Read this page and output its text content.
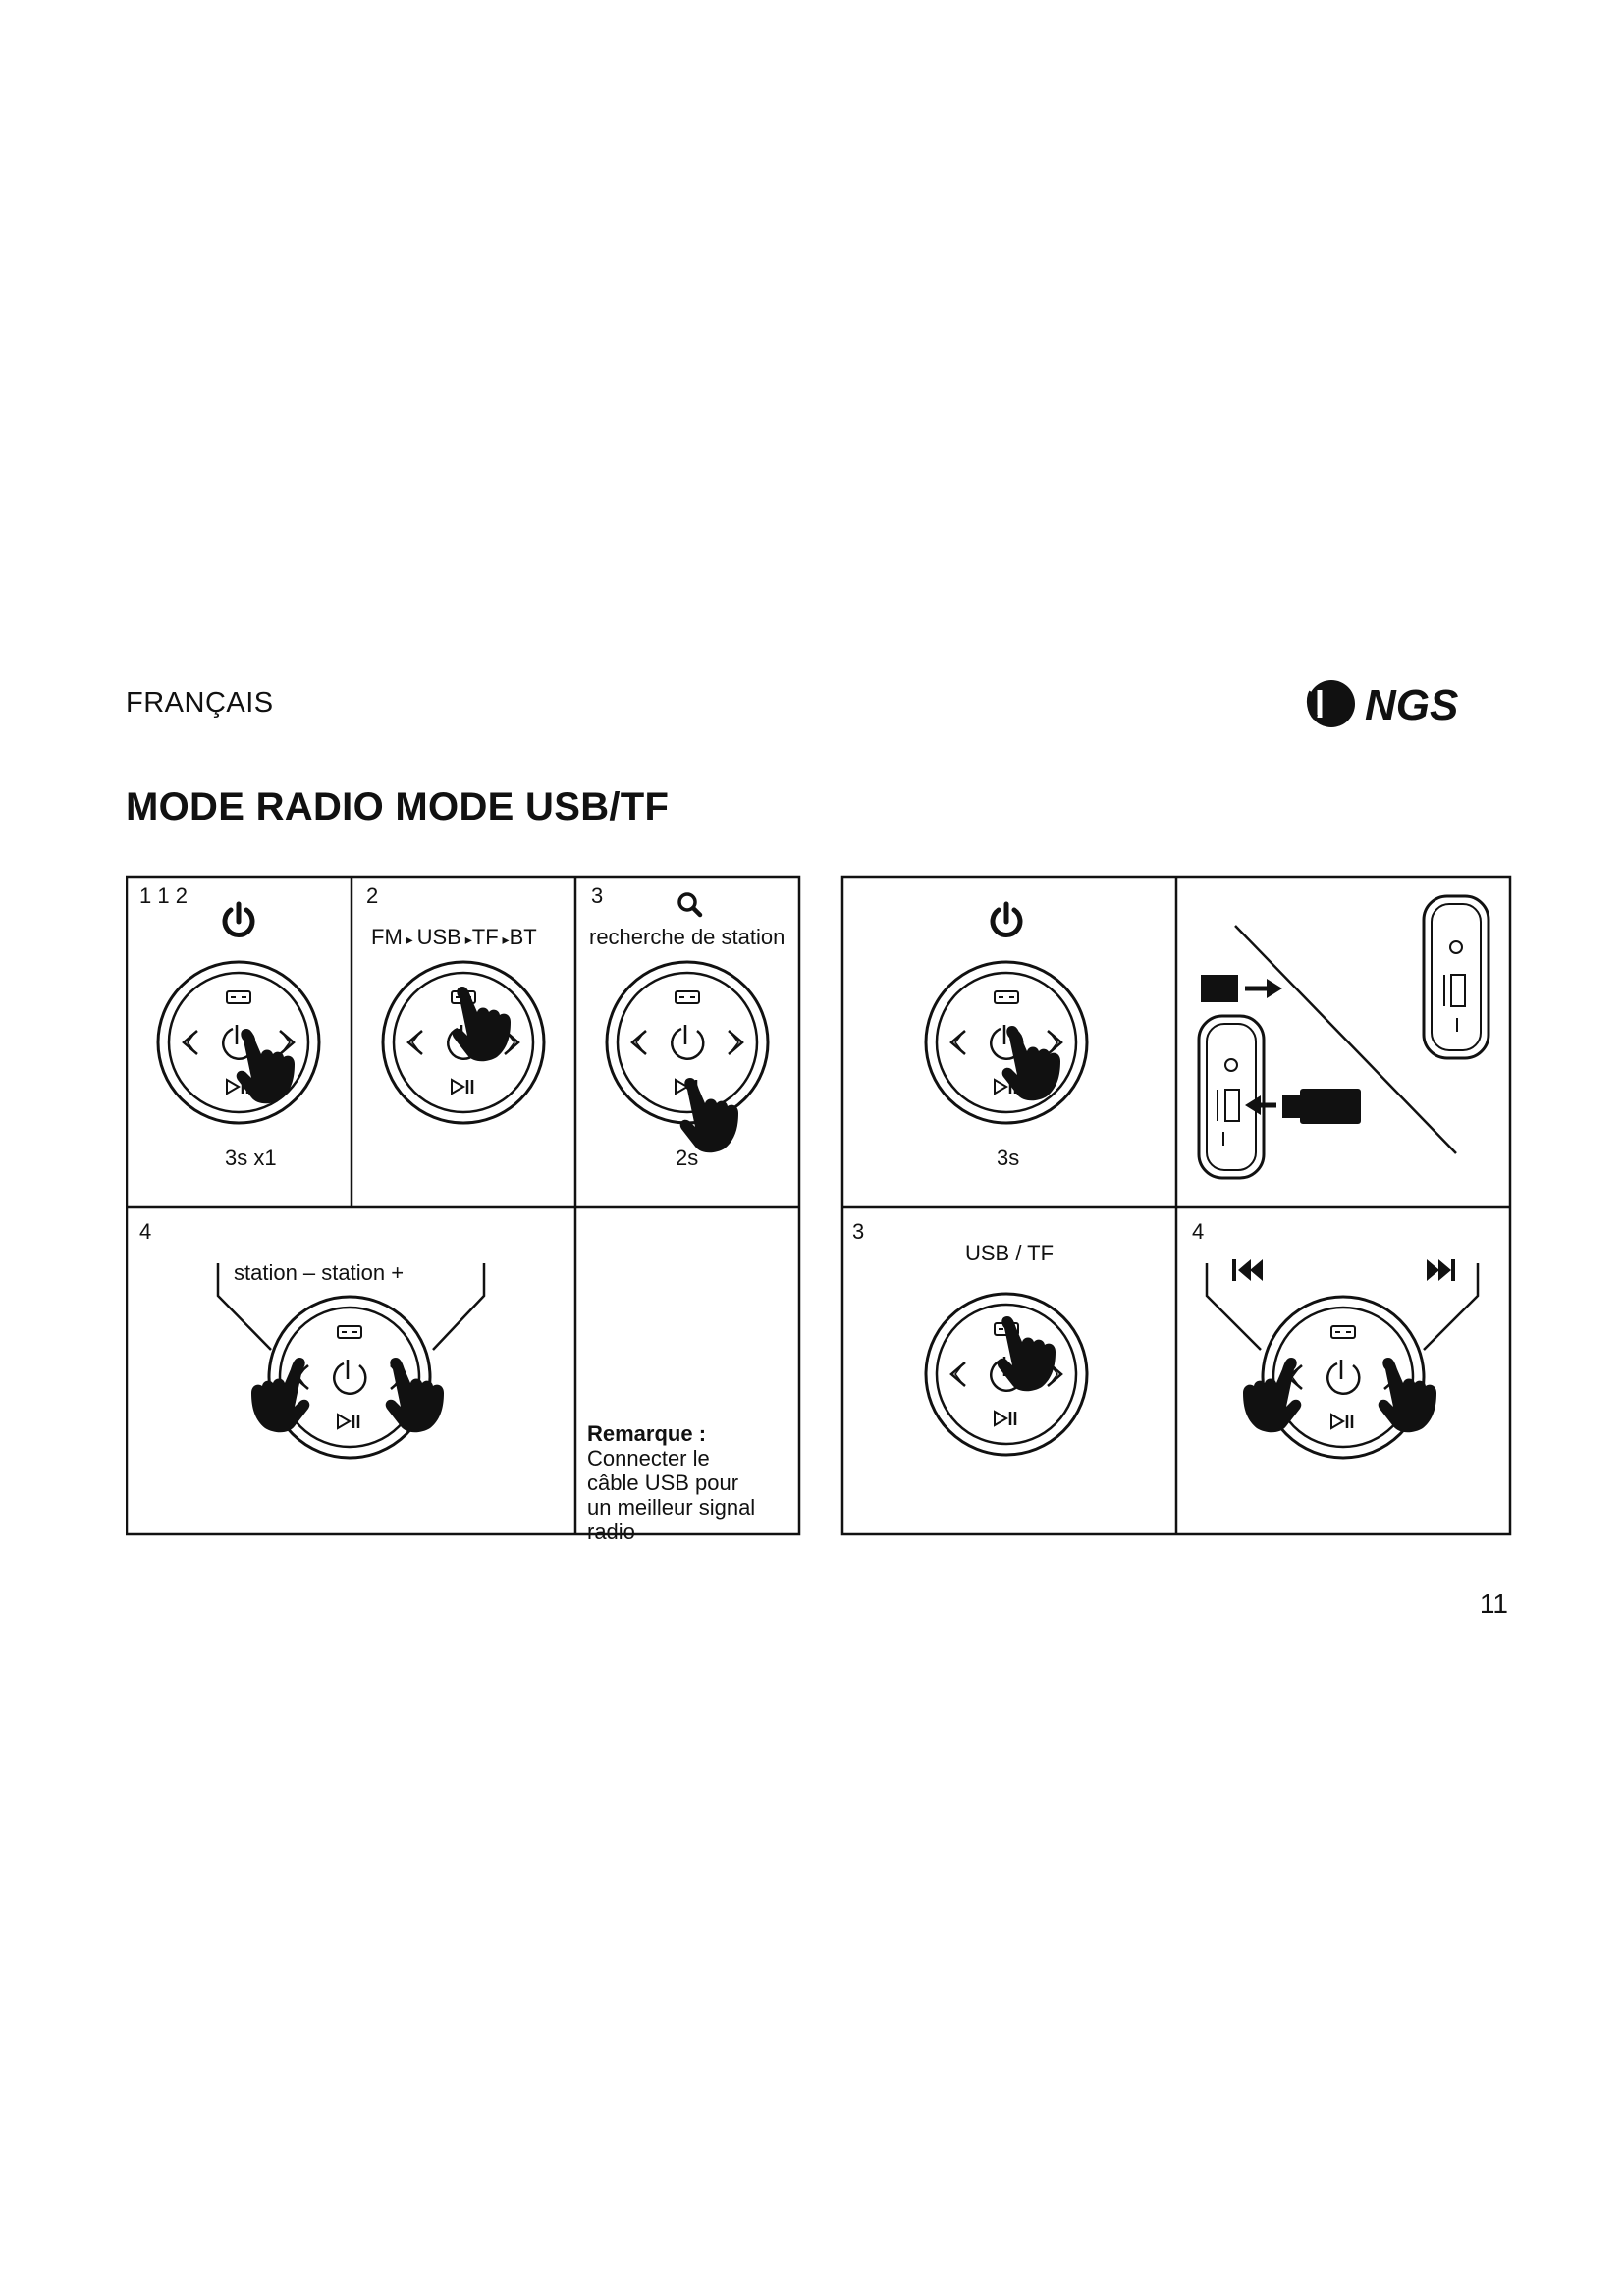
FRANÇAIS	NGS
MODE RADIO MODE USB/TF
1 1 2
3s x1
2
FM ▸ USB ▸TF ▸BT
3
recherche de station
2s
4
station – station +
Remarque :
Connecter le
câble USB pour
un meilleur signal
radio
3s
3
USB / TF
4
11
